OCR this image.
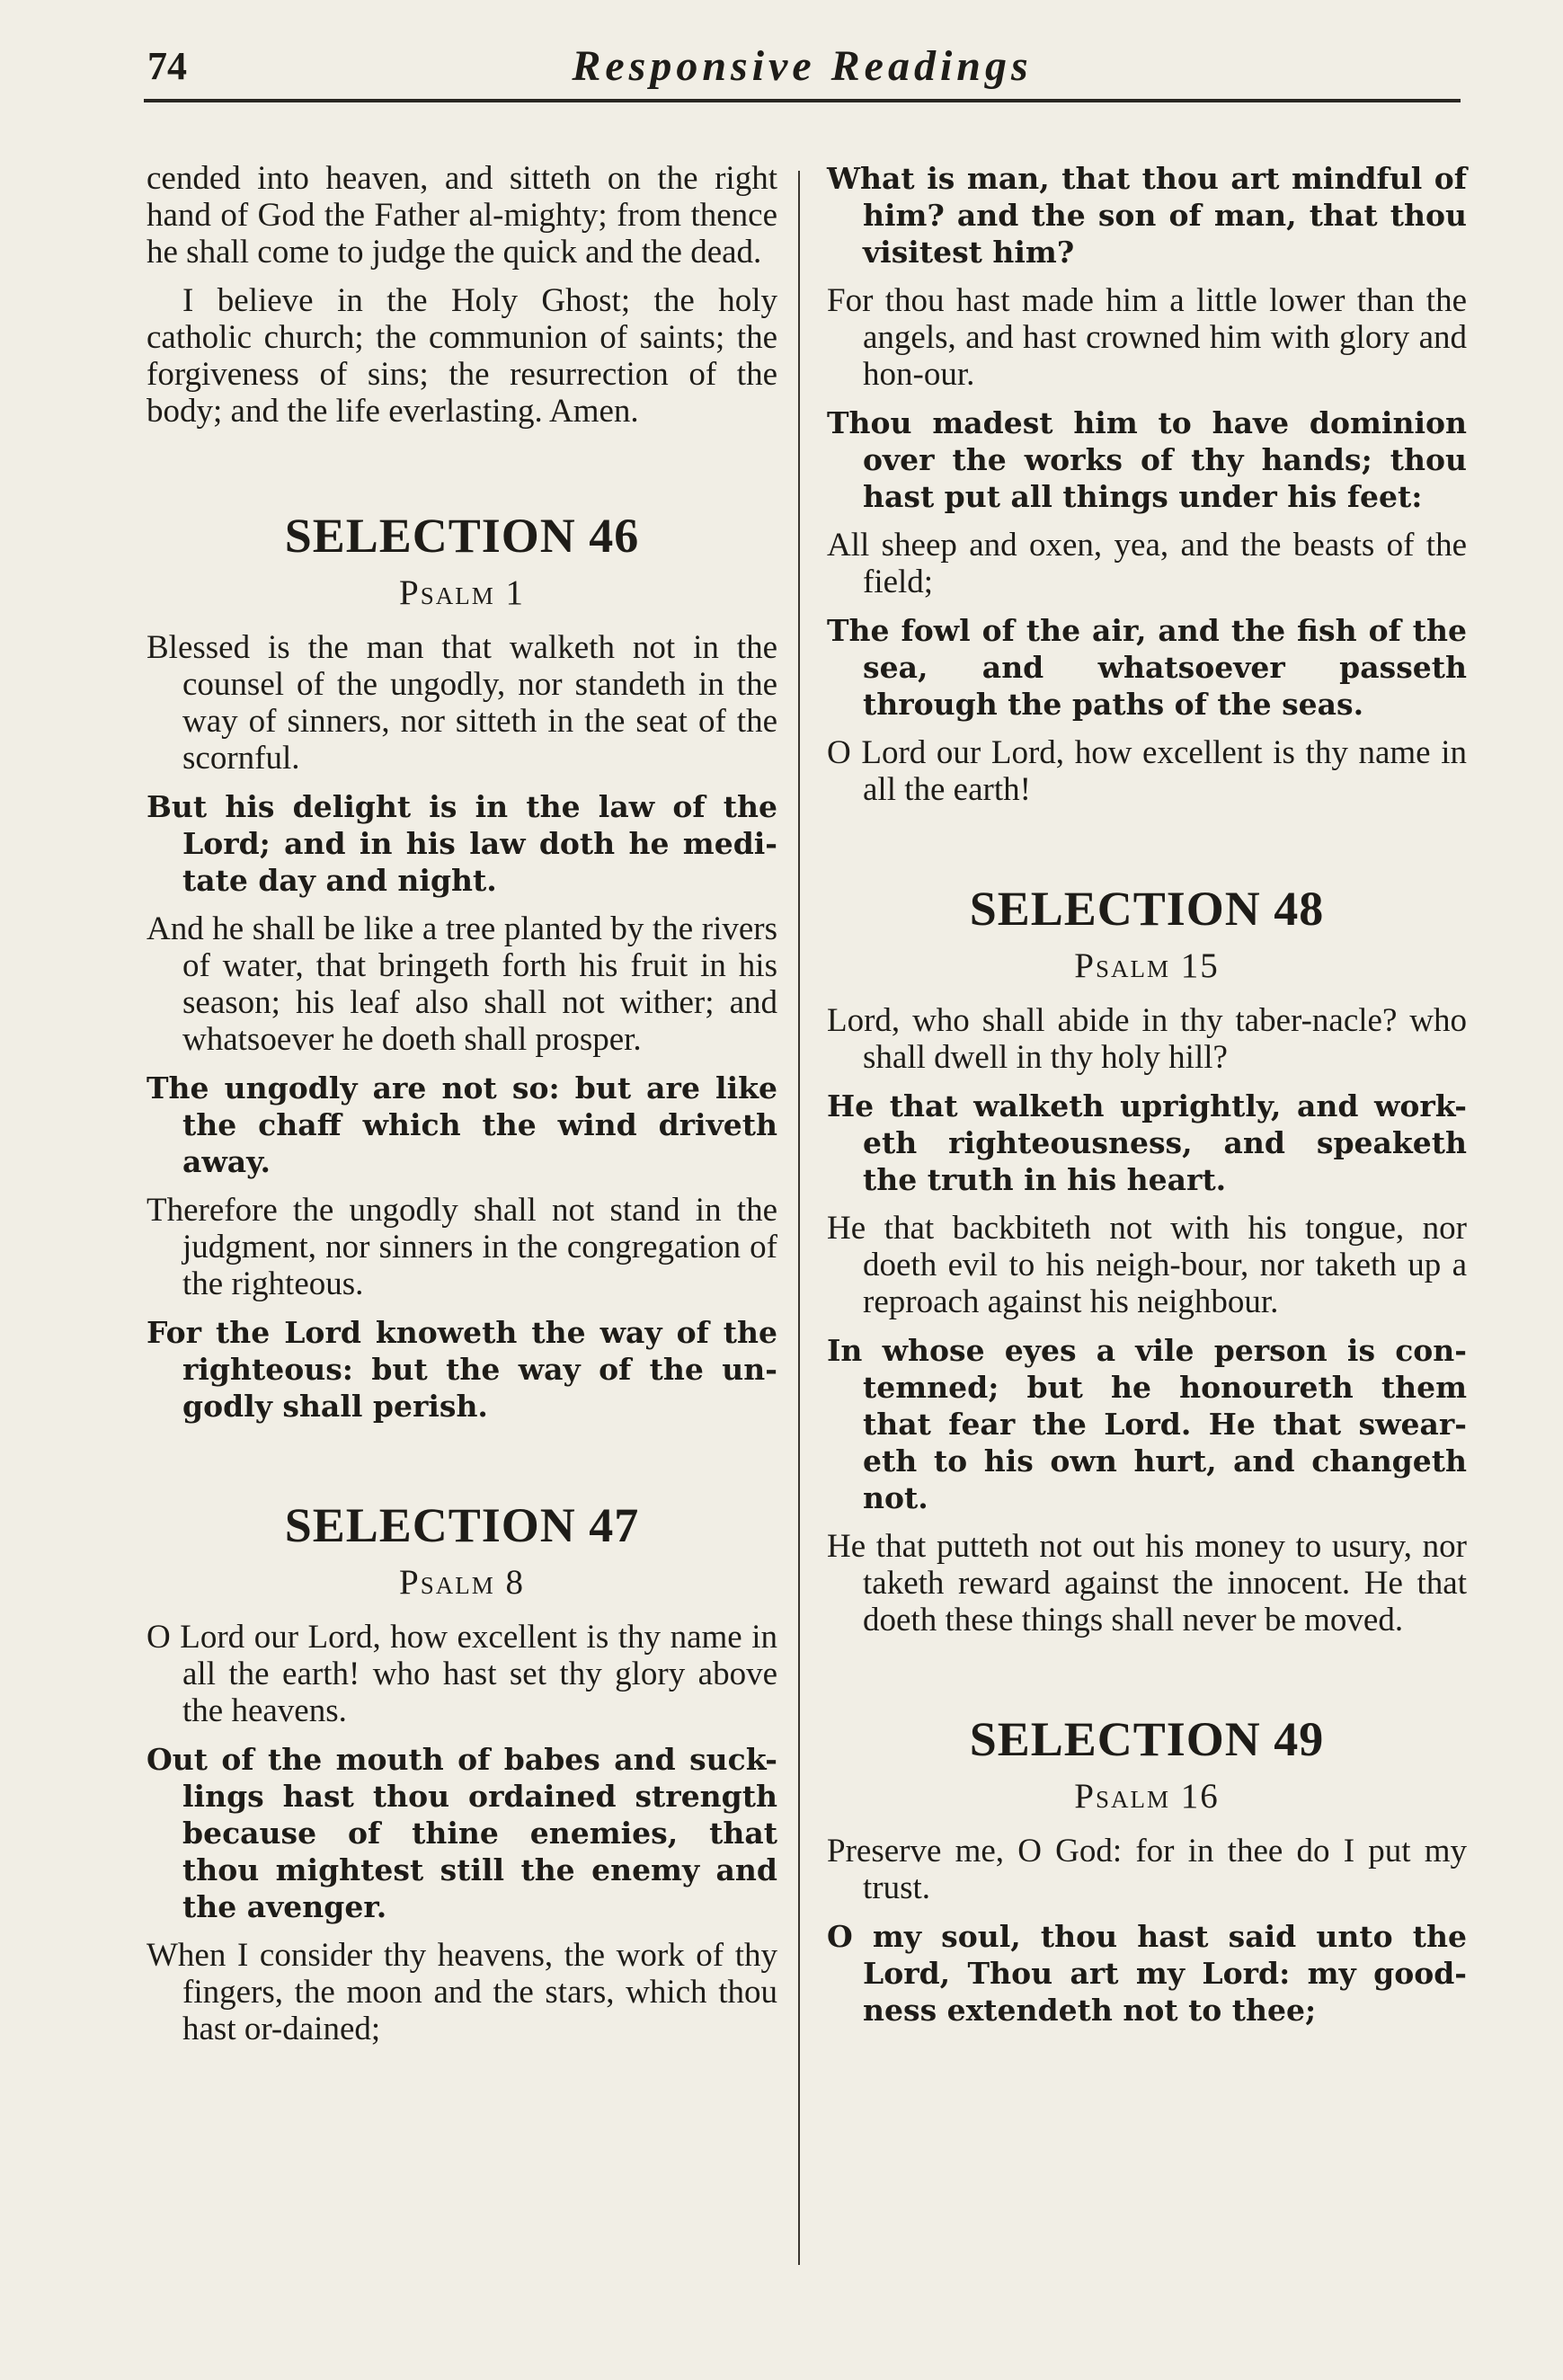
74	Responsive Readings

cended into heaven, and sitteth on the right hand of God the Father al-mighty; from thence he shall come to judge the quick and the dead.

I believe in the Holy Ghost; the holy catholic church; the communion of saints; the forgiveness of sins; the resurrection of the body; and the life everlasting. Amen.

SELECTION 46
Psalm 1

Blessed is the man that walketh not in the counsel of the ungodly, nor standeth in the way of sinners, nor sitteth in the seat of the scornful.

But his delight is in the law of the Lord; and in his law doth he medi-tate day and night.

And he shall be like a tree planted by the rivers of water, that bringeth forth his fruit in his season; his leaf also shall not wither; and whatsoever he doeth shall prosper.

The ungodly are not so: but are like the chaff which the wind driveth away.

Therefore the ungodly shall not stand in the judgment, nor sinners in the congregation of the righteous.

For the Lord knoweth the way of the righteous: but the way of the un-godly shall perish.

SELECTION 47
Psalm 8

O Lord our Lord, how excellent is thy name in all the earth! who hast set thy glory above the heavens.

Out of the mouth of babes and suck-lings hast thou ordained strength because of thine enemies, that thou mightest still the enemy and the avenger.

When I consider thy heavens, the work of thy fingers, the moon and the stars, which thou hast or-dained;

What is man, that thou art mindful of him? and the son of man, that thou visitest him?

For thou hast made him a little lower than the angels, and hast crowned him with glory and hon-our.

Thou madest him to have dominion over the works of thy hands; thou hast put all things under his feet:

All sheep and oxen, yea, and the beasts of the field;

The fowl of the air, and the fish of the sea, and whatsoever passeth through the paths of the seas.

O Lord our Lord, how excellent is thy name in all the earth!

SELECTION 48
Psalm 15

Lord, who shall abide in thy taber-nacle? who shall dwell in thy holy hill?

He that walketh uprightly, and work-eth righteousness, and speaketh the truth in his heart.

He that backbiteth not with his tongue, nor doeth evil to his neigh-bour, nor taketh up a reproach against his neighbour.

In whose eyes a vile person is con-temned; but he honoureth them that fear the Lord. He that swear-eth to his own hurt, and changeth not.

He that putteth not out his money to usury, nor taketh reward against the innocent. He that doeth these things shall never be moved.

SELECTION 49
Psalm 16

Preserve me, O God: for in thee do I put my trust.

O my soul, thou hast said unto the Lord, Thou art my Lord: my good-ness extendeth not to thee;
